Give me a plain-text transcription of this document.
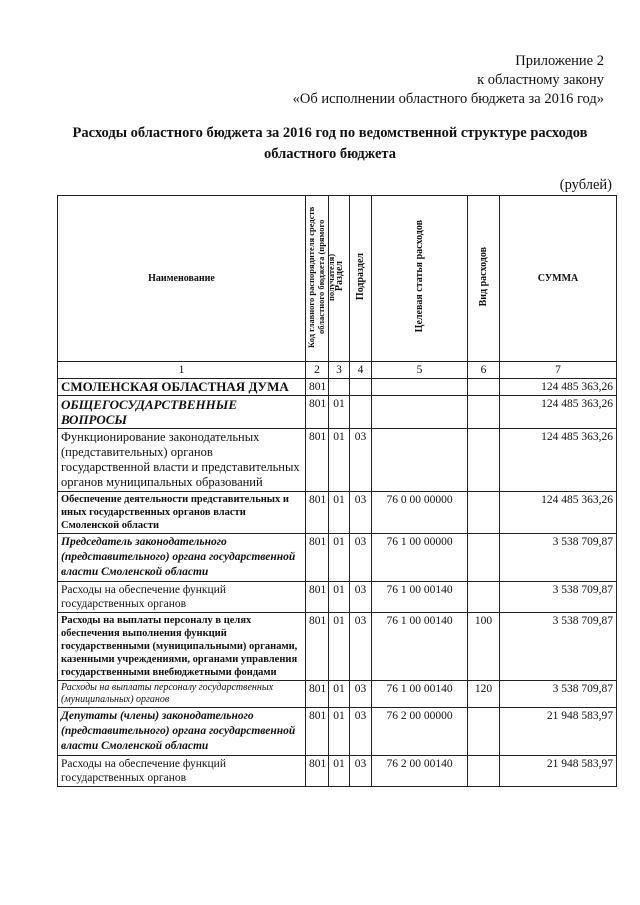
Приложение 2
к областному закону
«Об исполнении областного бюджета за 2016 год»
Расходы областного бюджета за 2016 год по ведомственной структуре расходов
областного бюджета
(рублей)
Наименование	Код главного распорядителя средств областного бюджета (прямого получателя)	Раздел	Подраздел	Целевая статья расходов	Вид расходов	СУММА
1	2	3	4	5	6	7
СМОЛЕНСКАЯ ОБЛАСТНАЯ ДУМА	801					124 485 363,26
ОБЩЕГОСУДАРСТВЕННЫЕ ВОПРОСЫ	801	01				124 485 363,26
Функционирование законодательных (представительных) органов государственной власти и представительных органов муниципальных образований	801	01	03			124 485 363,26
Обеспечение деятельности представительных и иных государственных органов власти Смоленской области	801	01	03	76 0 00 00000		124 485 363,26
Председатель законодательного (представительного) органа государственной власти Смоленской области	801	01	03	76 1 00 00000		3 538 709,87
Расходы на обеспечение функций государственных органов	801	01	03	76 1 00 00140		3 538 709,87
Расходы на выплаты персоналу в целях обеспечения выполнения функций государственными (муниципальными) органами, казенными учреждениями, органами управления государственными внебюджетными фондами	801	01	03	76 1 00 00140	100	3 538 709,87
Расходы на выплаты персоналу государственных (муниципальных) органов	801	01	03	76 1 00 00140	120	3 538 709,87
Депутаты (члены) законодательного (представительного) органа государственной власти Смоленской области	801	01	03	76 2 00 00000		21 948 583,97
Расходы на обеспечение функций государственных органов	801	01	03	76 2 00 00140		21 948 583,97
